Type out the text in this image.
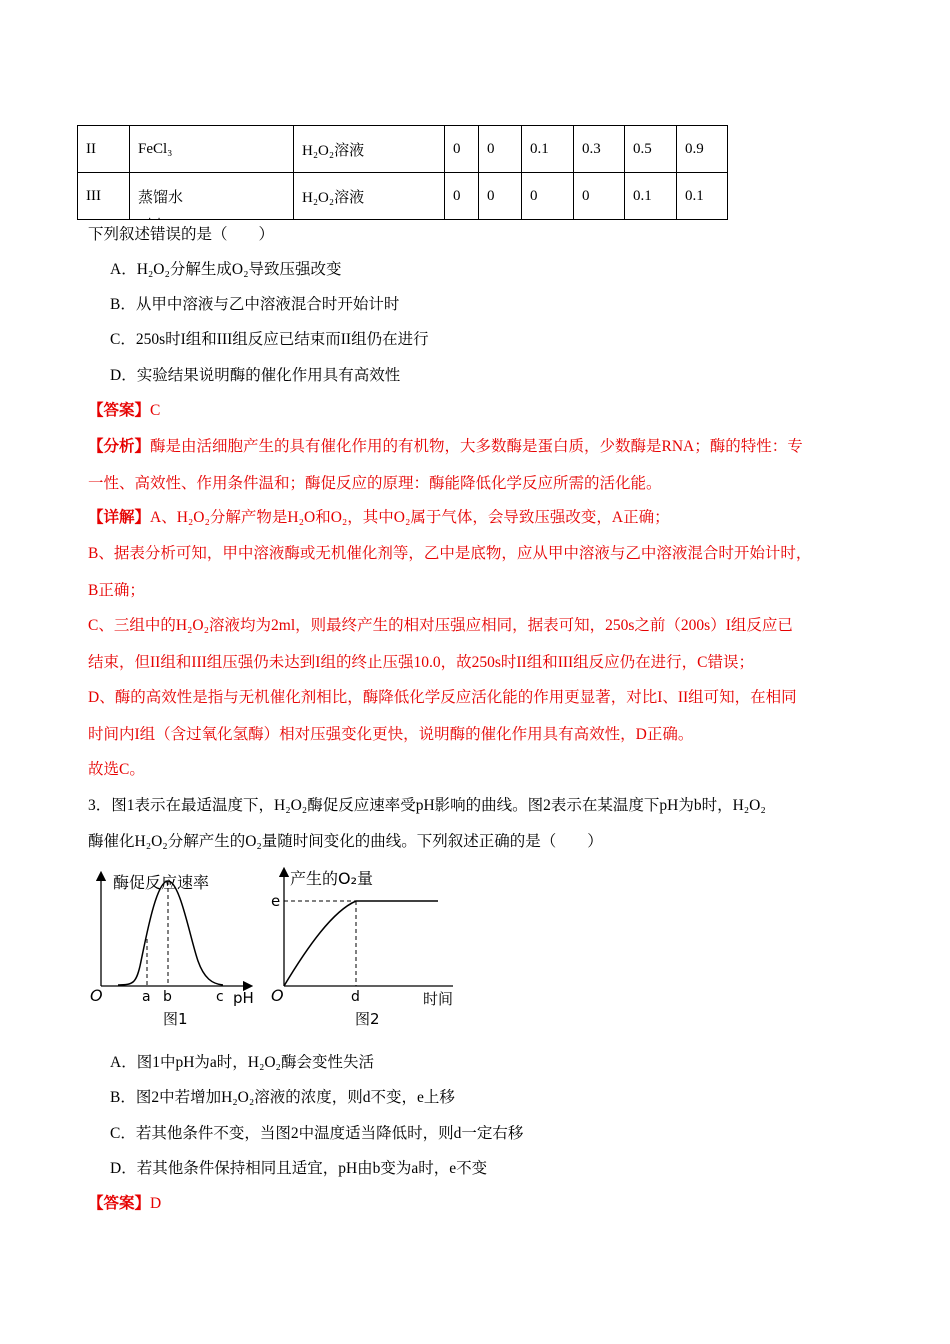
II	FeCl₃	H₂O₂溶液	0	0	0.1	0.3	0.5	0.9
III	蒸馏水	H₂O₂溶液	0	0	0	0	0.1	0.1
··
下列叙述错误的是（　　）
A．H₂O₂分解生成O₂导致压强改变
B．从甲中溶液与乙中溶液混合时开始计时
C．250s时I组和III组反应已结束而II组仍在进行
D．实验结果说明酶的催化作用具有高效性
【答案】C
【分析】酶是由活细胞产生的具有催化作用的有机物，大多数酶是蛋白质，少数酶是RNA；酶的特性：专
一性、高效性、作用条件温和；酶促反应的原理：酶能降低化学反应所需的活化能。
【详解】A、H₂O₂分解产物是H₂O和O₂，其中O₂属于气体，会导致压强改变，A正确；
B、据表分析可知，甲中溶液酶或无机催化剂等，乙中是底物，应从甲中溶液与乙中溶液混合时开始计时，
B正确；
C、三组中的H₂O₂溶液均为2ml，则最终产生的相对压强应相同，据表可知，250s之前（200s）I组反应已
结束，但II组和III组压强仍未达到I组的终止压强10.0，故250s时II组和III组反应仍在进行，C错误；
D、酶的高效性是指与无机催化剂相比，酶降低化学反应活化能的作用更显著，对比I、II组可知，在相同
时间内I组（含过氧化氢酶）相对压强变化更快，说明酶的催化作用具有高效性，D正确。
故选C。
3．图1表示在最适温度下，H₂O₂酶促反应速率受pH影响的曲线。图2表示在某温度下pH为b时，H₂O₂
酶催化H₂O₂分解产生的O₂量随时间变化的曲线。下列叙述正确的是（　　）
酶促反应速率
O	a b	c pH
图1
产生的O₂量
e
O	d	时间
图2
A．图1中pH为a时，H₂O₂酶会变性失活
B．图2中若增加H₂O₂溶液的浓度，则d不变，e上移
C．若其他条件不变，当图2中温度适当降低时，则d一定右移
D．若其他条件保持相同且适宜，pH由b变为a时，e不变
【答案】D
